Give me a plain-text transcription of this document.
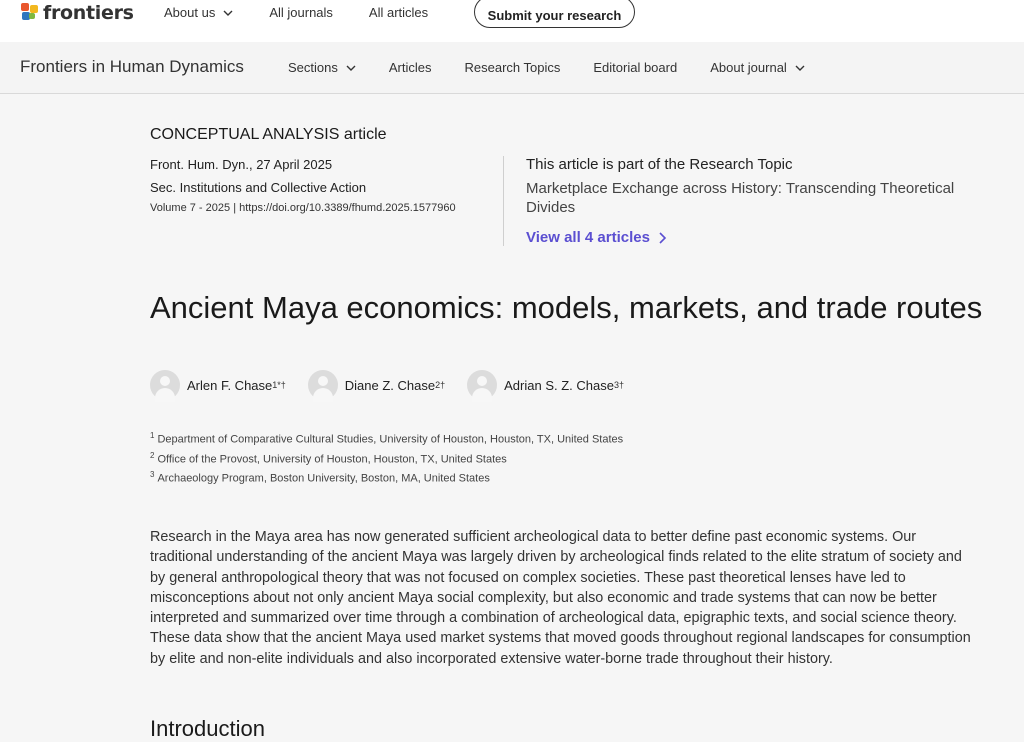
frontiers About us	All journals	All articles	Submit your research
Frontiers in Human Dynamics	Sections	Articles	Research Topics	Editorial board	About journal
CONCEPTUAL ANALYSIS article
Front. Hum. Dyn., 27 April 2025
Sec. Institutions and Collective Action
Volume 7 - 2025 | https://doi.org/10.3389/fhumd.2025.1577960
This article is part of the Research Topic
Marketplace Exchange across History: Transcending Theoretical Divides
View all 4 articles
Ancient Maya economics: models, markets, and trade routes
Arlen F. Chase 1*†	Diane Z. Chase 2†	Adrian S. Z. Chase 3†
$^1$ Department of Comparative Cultural Studies, University of Houston, Houston, TX, United States
$^2$ Office of the Provost, University of Houston, Houston, TX, United States
$^3$ Archaeology Program, Boston University, Boston, MA, United States

Research in the Maya area has now generated sufficient archeological data to better define past economic systems. Our traditional understanding of the ancient Maya was largely driven by archeological finds related to the elite stratum of society and by general anthropological theory that was not focused on complex societies. These past theoretical lenses have led to misconceptions about not only ancient Maya social complexity, but also economic and trade systems that can now be better interpreted and summarized over time through a combination of archeological data, epigraphic texts, and social science theory. These data show that the ancient Maya used market systems that moved goods throughout regional landscapes for consumption by elite and non-elite individuals and also incorporated extensive water-borne trade throughout their history.

Introduction
